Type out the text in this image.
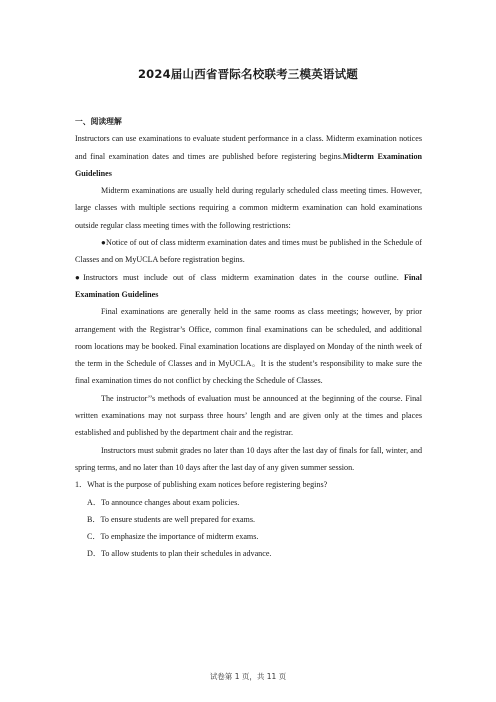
2024届山西省晋际名校联考三模英语试题

一、阅读理解

Instructors can use examinations to evaluate student performance in a class. Midterm examination notices and final examination dates and times are published before registering begins.Midterm Examination Guidelines

Midterm examinations are usually held during regularly scheduled class meeting times. However, large classes with multiple sections requiring a common midterm examination can hold examinations outside regular class meeting times with the following restrictions:

●Notice of out of class midterm examination dates and times must be published in the Schedule of Classes and on MyUCLA before registration begins.

●Instructors must include out of class midterm examination dates in the course outline. Final Examination Guidelines

Final examinations are generally held in the same rooms as class meetings; however, by prior arrangement with the Registrar’s Office, common final examinations can be scheduled, and additional room locations may be booked. Final examination locations are displayed on Monday of the ninth week of the term in the Schedule of Classes and in MyUCLA。It is the student’s responsibility to make sure the final examination times do not conflict by checking the Schedule of Classes.

The instructor’’s methods of evaluation must be announced at the beginning of the course. Final written examinations may not surpass three hours’ length and are given only at the times and places established and published by the department chair and the registrar.

Instructors must submit grades no later than 10 days after the last day of finals for fall, winter, and spring terms, and no later than 10 days after the last day of any given summer session.

1．What is the purpose of publishing exam notices before registering begins?

A．To announce changes about exam policies.

B．To ensure students are well prepared for exams.

C．To emphasize the importance of midterm exams.

D．To allow students to plan their schedules in advance.

试卷第 1 页，共 11 页
